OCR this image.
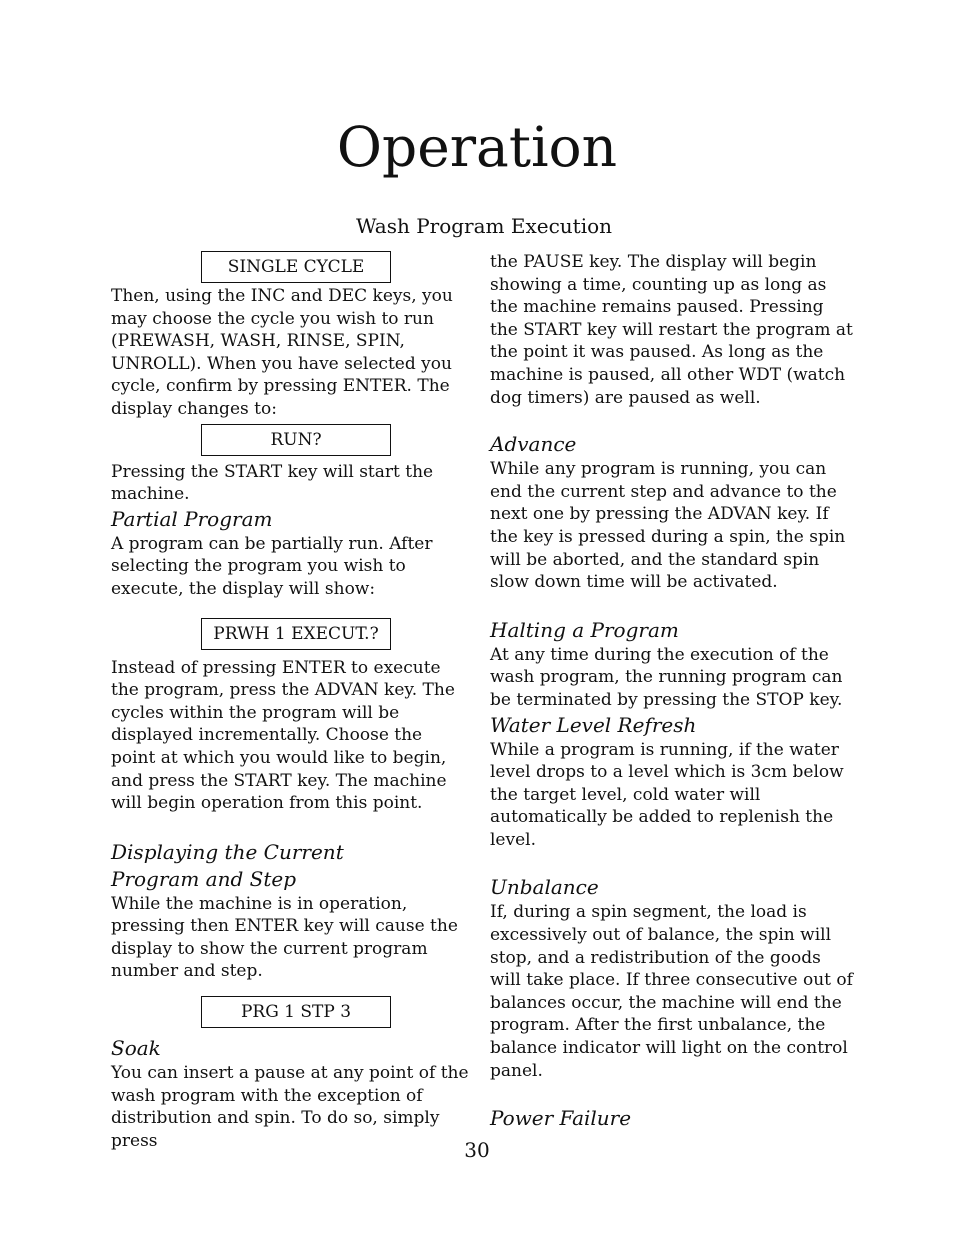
Operation
Wash Program Execution
SINGLE CYCLE

Then, using the INC and DEC keys, you may choose the cycle you wish to run (PREWASH, WASH, RINSE, SPIN, UNROLL). When you have selected you cycle, confirm by pressing ENTER. The display changes to:

RUN?

Pressing the START key will start the machine.

Partial Program

A program can be partially run. After selecting the program you wish to execute, the display will show:

PRWH 1 EXECUT.?

Instead of pressing ENTER to execute the program, press the ADVAN key. The cycles within the program will be displayed incrementally. Choose the point at which you would like to begin, and press the START key. The machine will begin operation from this point.

Displaying the Current
Program and Step

While the machine is in operation, pressing then ENTER key will cause the display to show the current program number and step.

PRG 1 STP 3
Soak

You can insert a pause at any point of the wash program with the exception of distribution and spin. To do so, simply press

the PAUSE key. The display will begin showing a time, counting up as long as the machine remains paused. Pressing the START key will restart the program at the point it was paused. As long as the machine is paused, all other WDT (watch dog timers) are paused as well.

Advance

While any program is running, you can end the current step and advance to the next one by pressing the ADVAN key. If the key is pressed during a spin, the spin will be aborted, and the standard spin slow down time will be activated.

Halting a Program

At any time during the execution of the wash program, the running program can be terminated by pressing the STOP key.

Water Level Refresh

While a program is running, if the water level drops to a level which is 3cm below the target level, cold water will automatically be added to replenish the level.

Unbalance

If, during a spin segment, the load is excessively out of balance, the spin will stop, and a redistribution of the goods will take place. If three consecutive out of balances occur, the machine will end the program. After the first unbalance, the balance indicator will light on the control panel.

Power Failure
30
